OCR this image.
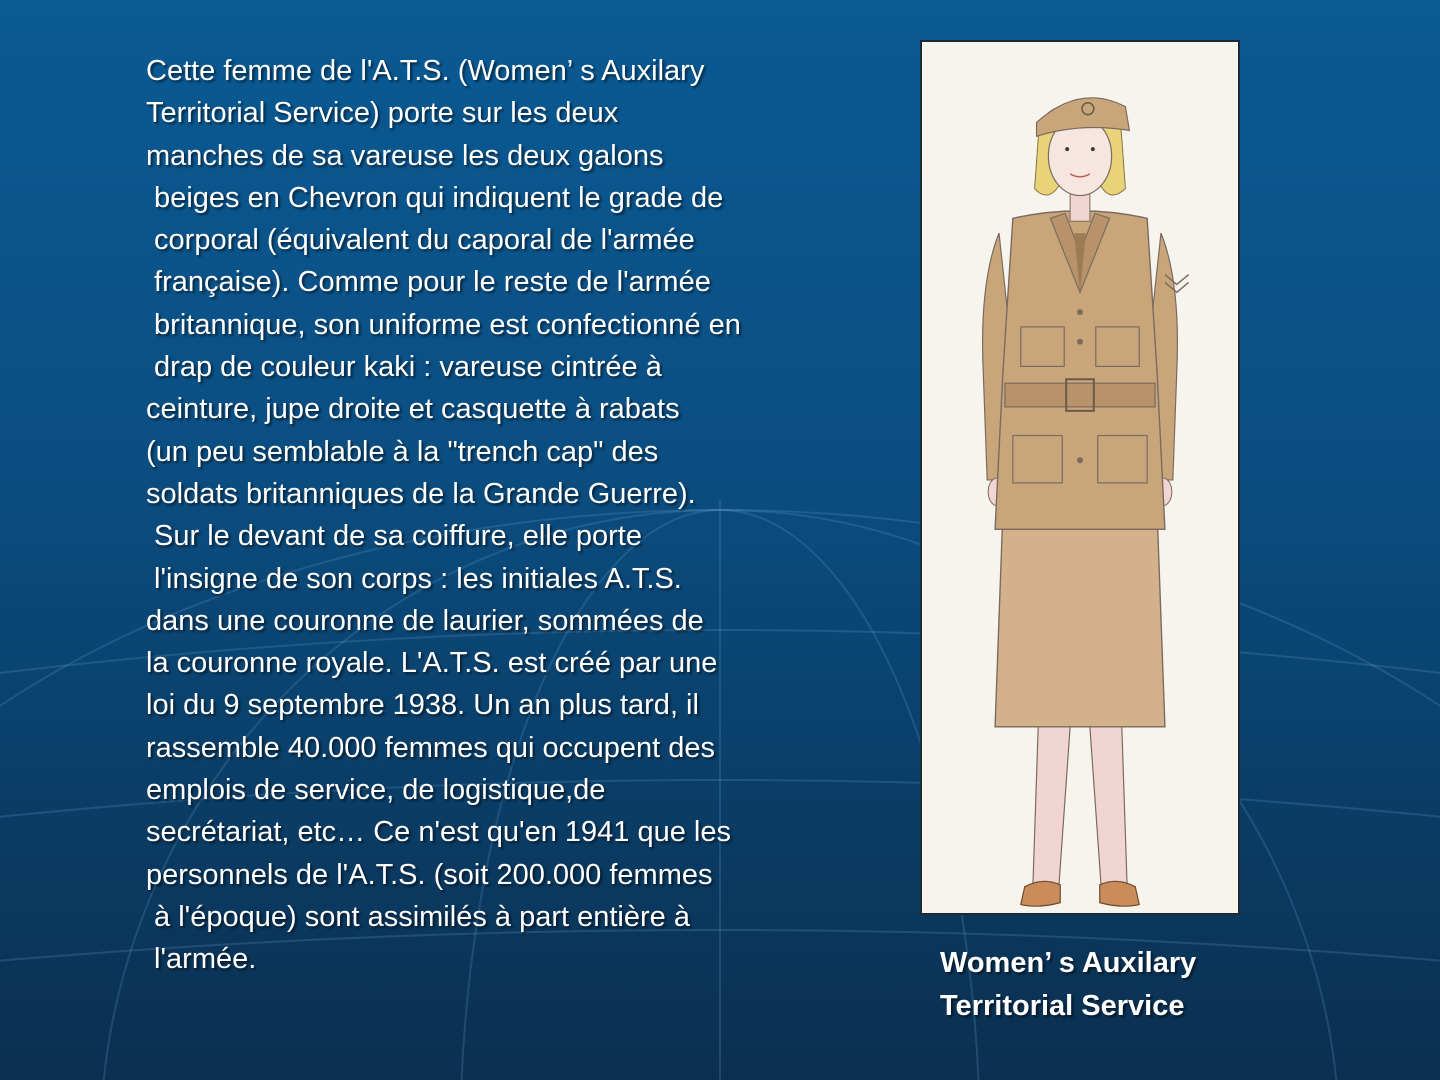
Cette femme de l'A.T.S. (Women’ s Auxilary
Territorial Service) porte sur les deux
manches de sa vareuse les deux galons
beiges en Chevron qui indiquent le grade de
corporal (équivalent du caporal de l'armée
française). Comme pour le reste de l'armée
britannique, son uniforme est confectionné en
drap de couleur kaki : vareuse cintrée à
ceinture, jupe droite et casquette à rabats
(un peu semblable à la "trench cap" des
soldats britanniques de la Grande Guerre).
Sur le devant de sa coiffure, elle porte
l'insigne de son corps : les initiales A.T.S.
dans une couronne de laurier, sommées de
la couronne royale. L'A.T.S. est créé par une
loi du 9 septembre 1938. Un an plus tard, il
rassemble 40.000 femmes qui occupent des
emplois de service, de logistique,de
secrétariat, etc… Ce n'est qu'en 1941 que les
personnels de l'A.T.S. (soit 200.000 femmes
à l'époque) sont assimilés à part entière à
l'armée.	Women’ s Auxilary
Territorial Service
